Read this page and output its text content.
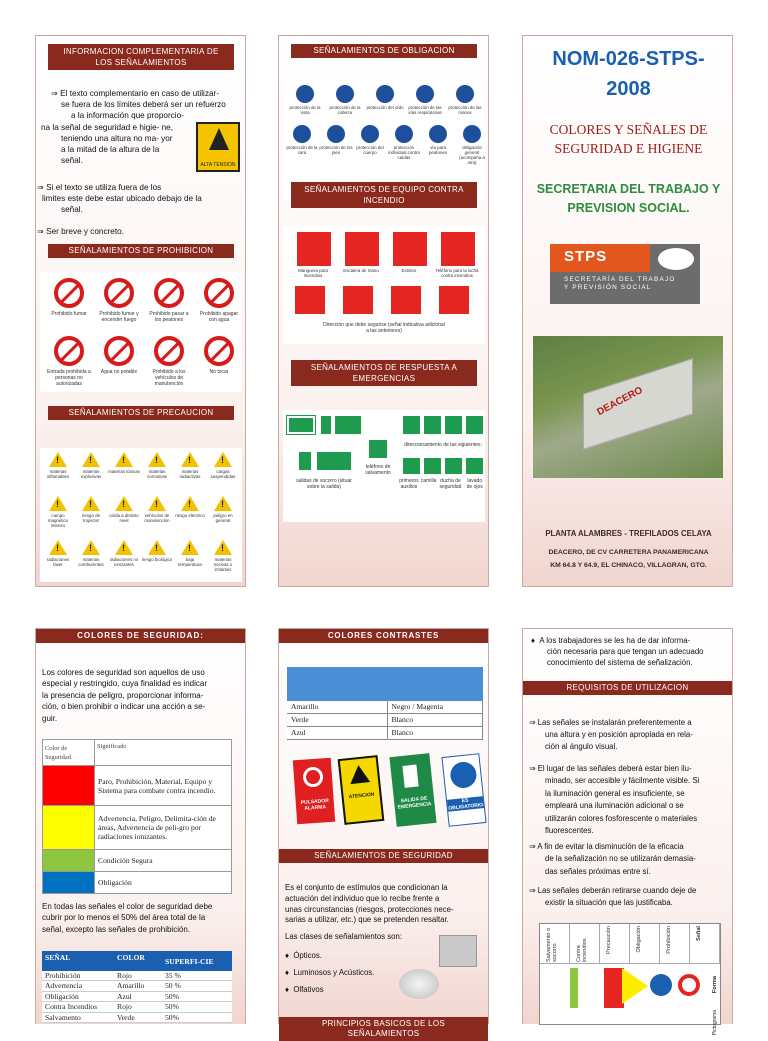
INFORMACION COMPLEMENTARIA DE LOS SEÑALAMIENTOS
⇒ El texto complementario en caso de utilizar-
se fuera de los límites deberá ser un refuerzo
a la información que proporcio-
na la señal de seguridad e higie- ne,
teniendo una altura no ma- yor
a la mitad de la altura de la
señal.	ALTA TENSION
⇒ Si el texto se utiliza fuera de los
limites este debe estar ubicado debajo de la
señal.
⇒ Ser breve y concreto.
SEÑALAMIENTOS DE PROHIBICION
Prohibido fumar	Prohibido fumar y encender fuego
Prohibido pasar a los peatones
Prohibido apagar con agua
Entrada prohibida a personas no autorizadas
Agua no potable	Prohibido a los vehículos de manutención
No tocar
SEÑALAMIENTOS DE PRECAUCION
!
materias inflamables
!
materias explosivas
!
materias tóxicas
!	materias corrosivas
!
materias radiactivas
!
cargas suspendidas
!
campo magnético intenso
!
riesgo de tropezar
!
caída a distinto nivel
!
vehículos de manutención
!
riesgo eléctrico
!	peligro en general
!
radiaciones láser
!
materias comburentes
!
radiaciones no ionizantes
!
riesgo biológico
!	baja temperatura
!
materias nocivas o irritantes
SEÑALAMIENTOS DE OBLIGACION
protección de la vista
protección de la cabeza
protección del oído	protección de las vías respiratorias
protección de las manos
protección de la cara
protección de los pies
protección del cuerpo
protección individual contra caídas
vía para peatones
obligación general (acompaña a otra)
SEÑALAMIENTOS DE EQUIPO CONTRA INCENDIO
Manguera para incendios
Escalera de mano	Extintor	Teléfono para la lucha contra incendios
Dirección que debe seguirse (señal indicativa adicional a las anteriores)
SEÑALAMIENTOS DE RESPUESTA A EMERGENCIAS
salidas de socorro (situar sobre la salida)
teléfono de salvamento
direccionamiento de las siguientes:
primeros auxilios
camilla ducha de seguridad
lavado de ojos
NOM-026-STPS-2008
COLORES Y SEÑALES DE SEGURIDAD E HIGIENE
SECRETARIA DEL TRABAJO Y PREVISION SOCIAL.
STPS
SECRETARÍA DEL TRABAJO Y PREVISIÓN SOCIAL
DEACERO
PLANTA ALAMBRES - TREFILADOS CELAYA
DEACERO, DE CV CARRETERA PANAMERICANA
KM 64.8 Y 64.9, EL CHINACO, VILLAGRAN, GTO.
COLORES DE SEGURIDAD:
Los colores de seguridad son aquellos de uso
especial y restringido, cuya finalidad es indicar
la presencia de peligro, proporcionar informa-
ción, o bien prohibir o indicar una acción a se-
guir.
Color de Seguridad	Significado
	Paro, Prohibición, Material, Equipo y Sistema para combate contra incendio.
	Advertencia, Peligro, Delimita-ción de áreas, Advertencia de peli-gro por radiaciones ionizantes.
	Condición Segura
	Obligación
En todas las señales el color de seguridad debe
cubrir por lo menos el 50% del área total de la
señal, excepto las señales de prohibición.
SEÑAL	COLOR	SUPERFI-CIE
Prohibición	Rojo	35 %
Advertencia	Amarillo	50 %
Obligación	Azul	50%
Contra Incendios	Rojo	50%
Salvamento	Verde	50%
COLORES CONTRASTES

Amarillo	Negro / Magenta
Verde	Blanco
Azul	Blanco
PULSADOR ALARMA
ATENCION	SALIDA DE EMERGENCIA
ES OBLIGATORIO
SEÑALAMIENTOS DE SEGURIDAD
Es el conjunto de estímulos que condicionan la
actuación del individuo que lo recibe frente a
unas circunstancias (riesgos, protecciones nece-
sarias a utilizar, etc.) que se pretenden resaltar.
Las clases de señalamientos son:
♦  Ópticos.
♦  Luminosos y Acústicos.
♦  Olfativos
PRINCIPIOS BASICOS DE LOS SEÑALAMIENTOS
♦  A los trabajadores se les ha de dar informa-
ción necesaria para que tengan un adecuado
conocimiento del sistema de señalización.
REQUISITOS DE UTILIZACION
⇒ Las señales se instalarán preferentemente a
una altura y en posición apropiada en rela-
ción al ángulo visual.
⇒ El lugar de las señales deberá estar bien ilu-
minado, ser accesible y fácilmente visible. Si
la iluminación general es insuficiente, se
empleará una iluminación adicional o se
utilizarán colores fosforescente o materiales
fluorescentes.
⇒ A fin de evitar la disminución de la eficacia
de la señalización no se utilizarán demasia-
das señales próximas entre sí.
⇒ Las señales deberán retirarse cuando deje de
existir la situación que las justificaba.
Salvamento o socorro	Contra incendios	Precaución	Obligación	Prohibición	Señal
Forma
Pictograma
